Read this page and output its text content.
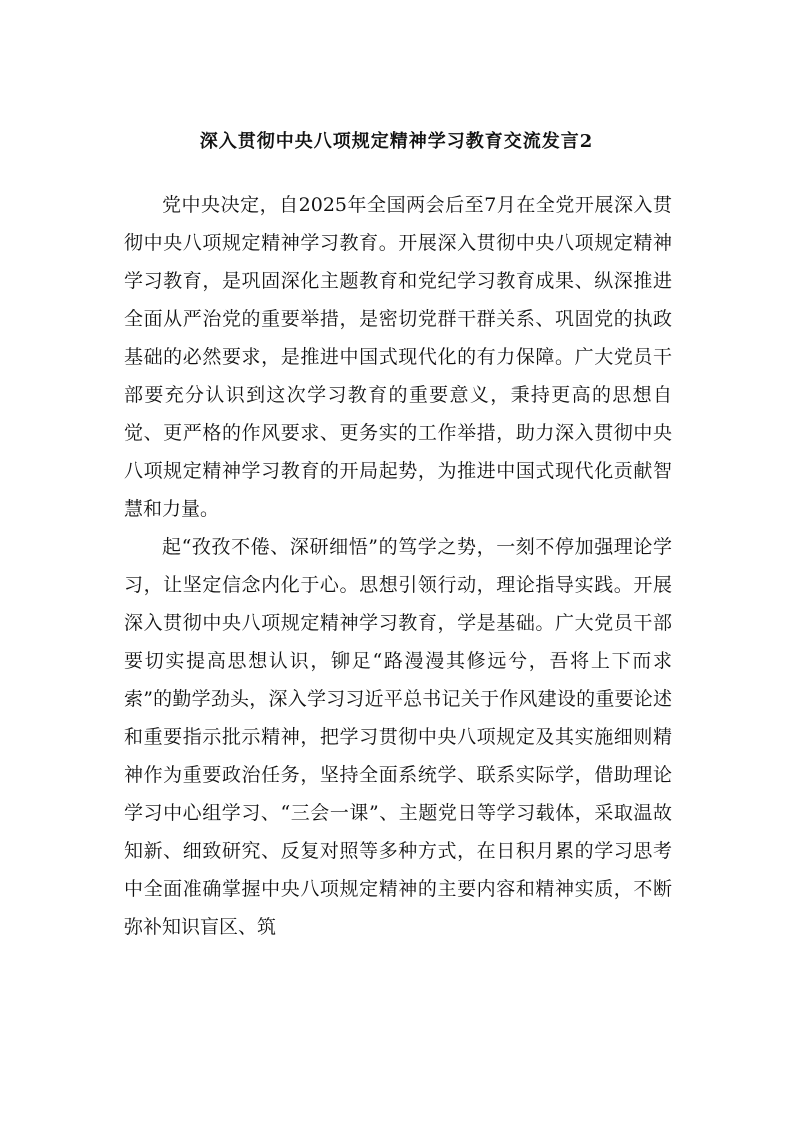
深入贯彻中央八项规定精神学习教育交流发言2

党中央决定，自2025年全国两会后至7月在全党开展深入贯彻中央八项规定精神学习教育。开展深入贯彻中央八项规定精神学习教育，是巩固深化主题教育和党纪学习教育成果、纵深推进全面从严治党的重要举措，是密切党群干群关系、巩固党的执政基础的必然要求，是推进中国式现代化的有力保障。广大党员干部要充分认识到这次学习教育的重要意义，秉持更高的思想自觉、更严格的作风要求、更务实的工作举措，助力深入贯彻中央八项规定精神学习教育的开局起势，为推进中国式现代化贡献智慧和力量。

起“孜孜不倦、深研细悟”的笃学之势，一刻不停加强理论学习，让坚定信念内化于心。思想引领行动，理论指导实践。开展深入贯彻中央八项规定精神学习教育，学是基础。广大党员干部要切实提高思想认识，铆足“路漫漫其修远兮，吾将上下而求索”的勤学劲头，深入学习习近平总书记关于作风建设的重要论述和重要指示批示精神，把学习贯彻中央八项规定及其实施细则精神作为重要政治任务，坚持全面系统学、联系实际学，借助理论学习中心组学习、“三会一课”、主题党日等学习载体，采取温故知新、细致研究、反复对照等多种方式，在日积月累的学习思考中全面准确掌握中央八项规定精神的主要内容和精神实质，不断弥补知识盲区、筑
